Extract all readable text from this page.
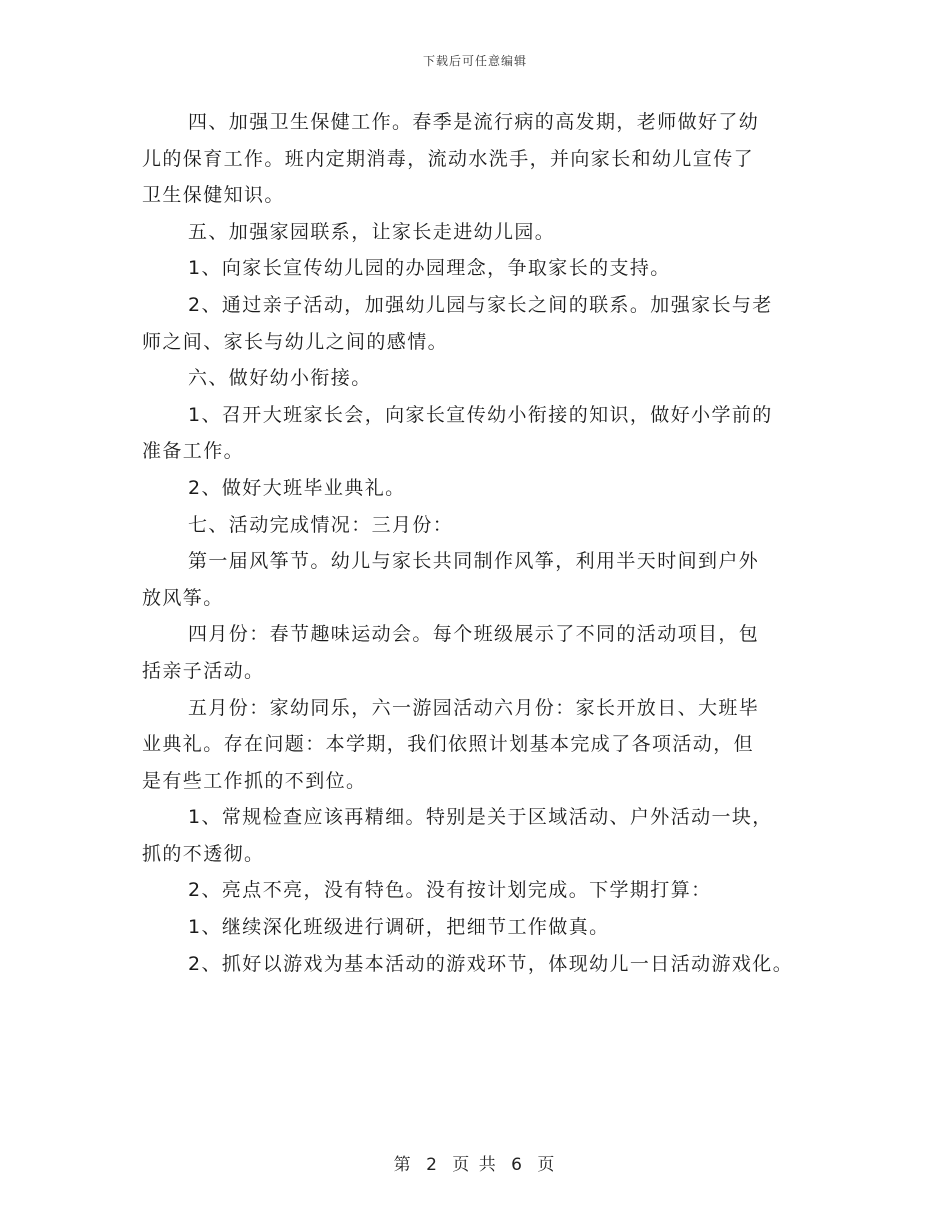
下载后可任意编辑
四、加强卫生保健工作。春季是流行病的高发期，老师做好了幼
儿的保育工作。班内定期消毒，流动水洗手，并向家长和幼儿宣传了
卫生保健知识。
五、加强家园联系，让家长走进幼儿园。
1、向家长宣传幼儿园的办园理念，争取家长的支持。
2、通过亲子活动，加强幼儿园与家长之间的联系。加强家长与老
师之间、家长与幼儿之间的感情。
六、做好幼小衔接。
1、召开大班家长会，向家长宣传幼小衔接的知识，做好小学前的
准备工作。
2、做好大班毕业典礼。
七、活动完成情况：三月份：
第一届风筝节。幼儿与家长共同制作风筝，利用半天时间到户外
放风筝。
四月份：春节趣味运动会。每个班级展示了不同的活动项目，包
括亲子活动。
五月份：家幼同乐，六一游园活动六月份：家长开放日、大班毕
业典礼。存在问题：本学期，我们依照计划基本完成了各项活动，但
是有些工作抓的不到位。
1、常规检查应该再精细。特别是关于区域活动、户外活动一块，
抓的不透彻。
2、亮点不亮，没有特色。没有按计划完成。下学期打算：
1、继续深化班级进行调研，把细节工作做真。
2、抓好以游戏为基本活动的游戏环节，体现幼儿一日活动游戏化。
第 2 页 共 6 页
